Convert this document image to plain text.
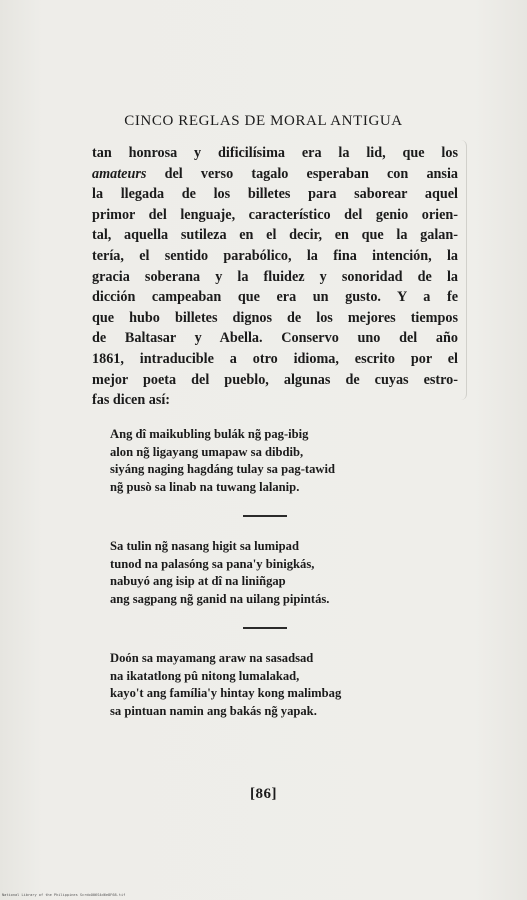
CINCO REGLAS DE MORAL ANTIGUA
tan honrosa y dificilísima era la lid, que los
amateurs del verso tagalo esperaban con ansia
la llegada de los billetes para saborear aquel
primor del lenguaje, característico del genio orien-
tal, aquella sutileza en el decir, en que la galan-
tería, el sentido parabólico, la fina intención, la
gracia soberana y la fluidez y sonoridad de la
dicción campeaban que era un gusto. Y a fe
que hubo billetes dignos de los mejores tiempos
de Baltasar y Abella. Conservo uno del año
1861, intraducible a otro idioma, escrito por el
mejor poeta del pueblo, algunas de cuyas estro-
fas dicen así:
Ang dî maikubling bulák ng̃ pag-ibig
alon ng̃ ligayang umapaw sa dibdib,
siyáng naging hagdáng tulay sa pag-tawid
ng̃ pusò sa linab na tuwang lalanip.
Sa tulin ng̃ nasang higit sa lumipad
tunod na palasóng sa pana'y binigkás,
nabuyó ang isip at dî na liniñgap
ang sagpang ng̃ ganid na uilang pipintás.
Doón sa mayamang araw na sasadsad
na ikatatlong pû nitong lumalakad,
kayo't ang família'y hintay kong malimbag
sa pintuan namin ang bakás ng̃ yapak.
[86]
National Library of the Philippines ScrdoO06S4d6e8F68.tif
